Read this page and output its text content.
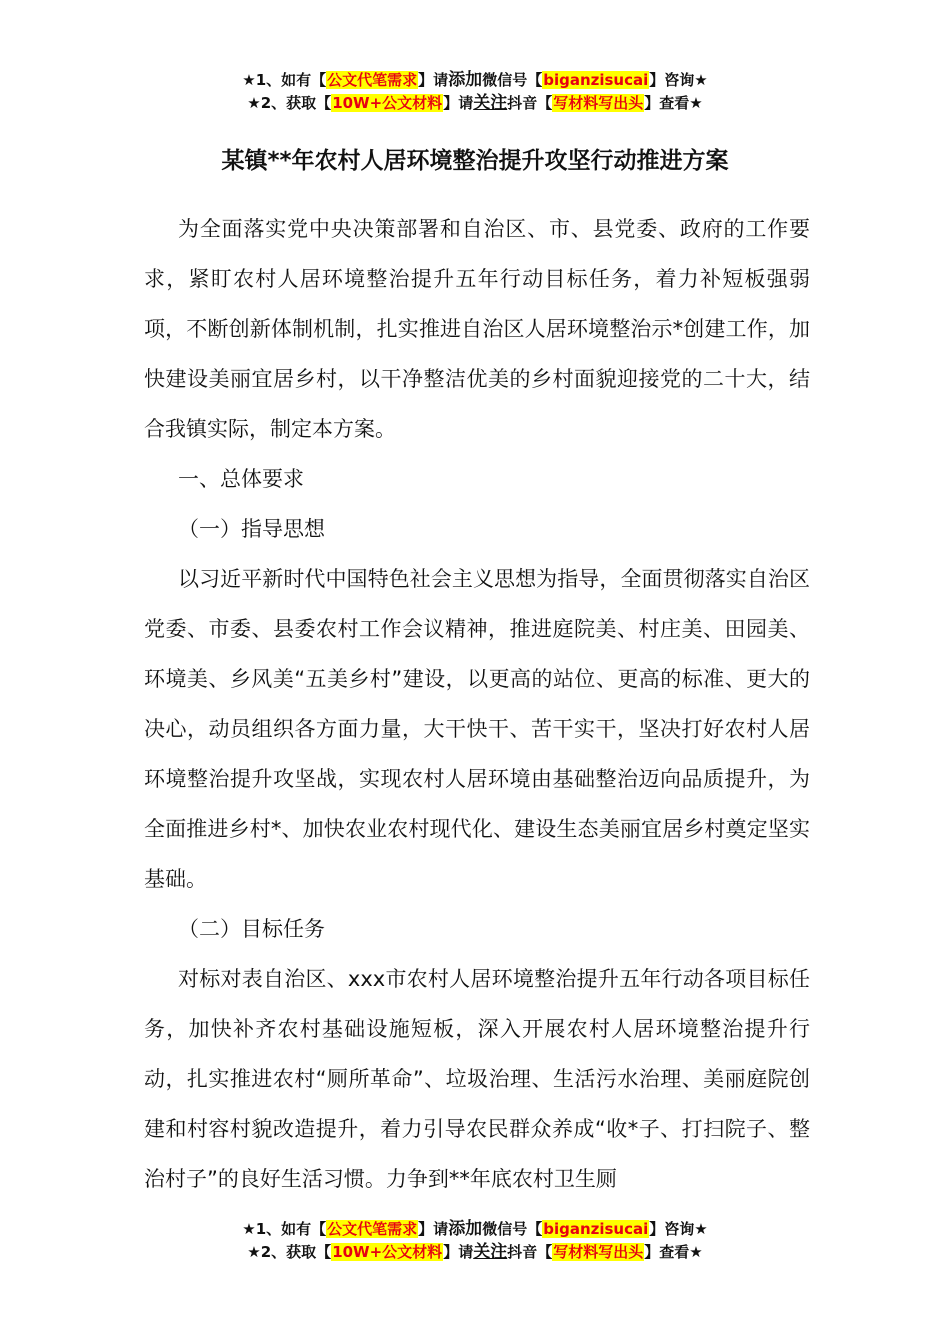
★1、如有【公文代笔需求】请添加微信号【biganzisucai】咨询★
★2、获取【10W+公文材料】请关注抖音【写材料写出头】查看★
某镇**年农村人居环境整治提升攻坚行动推进方案

为全面落实党中央决策部署和自治区、市、县党委、政府的工作要求，紧盯农村人居环境整治提升五年行动目标任务，着力补短板强弱项，不断创新体制机制，扎实推进自治区人居环境整治示*创建工作，加快建设美丽宜居乡村，以干净整洁优美的乡村面貌迎接党的二十大，结合我镇实际，制定本方案。

一、总体要求

（一）指导思想

以习近平新时代中国特色社会主义思想为指导，全面贯彻落实自治区党委、市委、县委农村工作会议精神，推进庭院美、村庄美、田园美、环境美、乡风美“五美乡村”建设，以更高的站位、更高的标准、更大的决心，动员组织各方面力量，大干快干、苦干实干，坚决打好农村人居环境整治提升攻坚战，实现农村人居环境由基础整治迈向品质提升，为全面推进乡村*、加快农业农村现代化、建设生态美丽宜居乡村奠定坚实基础。

（二）目标任务

对标对表自治区、xxx市农村人居环境整治提升五年行动各项目标任务，加快补齐农村基础设施短板，深入开展农村人居环境整治提升行动，扎实推进农村“厕所革命”、垃圾治理、生活污水治理、美丽庭院创建和村容村貌改造提升，着力引导农民群众养成“收*子、打扫院子、整治村子”的良好生活习惯。力争到**年底农村卫生厕

★1、如有【公文代笔需求】请添加微信号【biganzisucai】咨询★
★2、获取【10W+公文材料】请关注抖音【写材料写出头】查看★
